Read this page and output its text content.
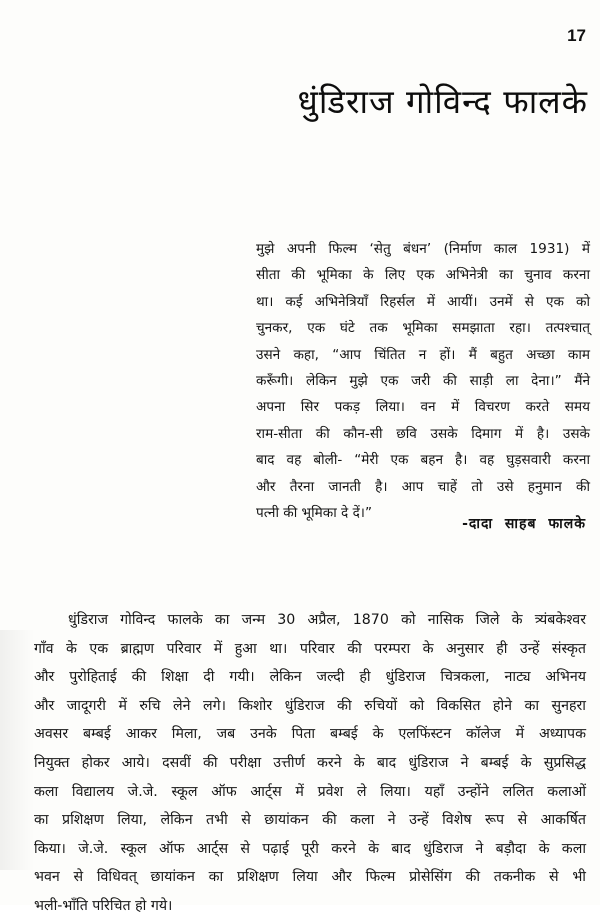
17
धुंडिराज गोविन्द फालके
मुझे अपनी फिल्म ‘सेतु बंधन’ (निर्माण काल 1931) में
सीता की भूमिका के लिए एक अभिनेत्री का चुनाव करना
था। कई अभिनेत्रियाँ रिहर्सल में आयीं। उनमें से एक को
चुनकर, एक घंटे तक भूमिका समझाता रहा। तत्पश्चात्
उसने कहा, “आप चिंतित न हों। मैं बहुत अच्छा काम
करूँगी। लेकिन मुझे एक जरी की साड़ी ला देना।” मैंने
अपना सिर पकड़ लिया। वन में विचरण करते समय
राम-सीता की कौन-सी छवि उसके दिमाग में है। उसके
बाद वह बोली- “मेरी एक बहन है। वह घुड़सवारी करना
और तैरना जानती है। आप चाहें तो उसे हनुमान की
पत्नी की भूमिका दे दें।”
-दादा साहब फालके
धुंडिराज गोविन्द फालके का जन्म 30 अप्रैल, 1870 को नासिक जिले के त्र्यंबकेश्वर
गाँव के एक ब्राह्मण परिवार में हुआ था। परिवार की परम्परा के अनुसार ही उन्हें संस्कृत
और पुरोहिताई की शिक्षा दी गयी। लेकिन जल्दी ही धुंडिराज चित्रकला, नाट्य अभिनय
और जादूगरी में रुचि लेने लगे। किशोर धुंडिराज की रुचियों को विकसित होने का सुनहरा
अवसर बम्बई आकर मिला, जब उनके पिता बम्बई के एलफिंस्टन कॉलेज में अध्यापक
नियुक्त होकर आये। दसवीं की परीक्षा उत्तीर्ण करने के बाद धुंडिराज ने बम्बई के सुप्रसिद्ध
कला विद्यालय जे.जे. स्कूल ऑफ आर्ट्स में प्रवेश ले लिया। यहाँ उन्होंने ललित कलाओं
का प्रशिक्षण लिया, लेकिन तभी से छायांकन की कला ने उन्हें विशेष रूप से आकर्षित
किया। जे.जे. स्कूल ऑफ आर्ट्स से पढ़ाई पूरी करने के बाद धुंडिराज ने बड़ौदा के कला
भवन से विधिवत् छायांकन का प्रशिक्षण लिया और फिल्म प्रोसेसिंग की तकनीक से भी
भली-भाँति परिचित हो गये।
